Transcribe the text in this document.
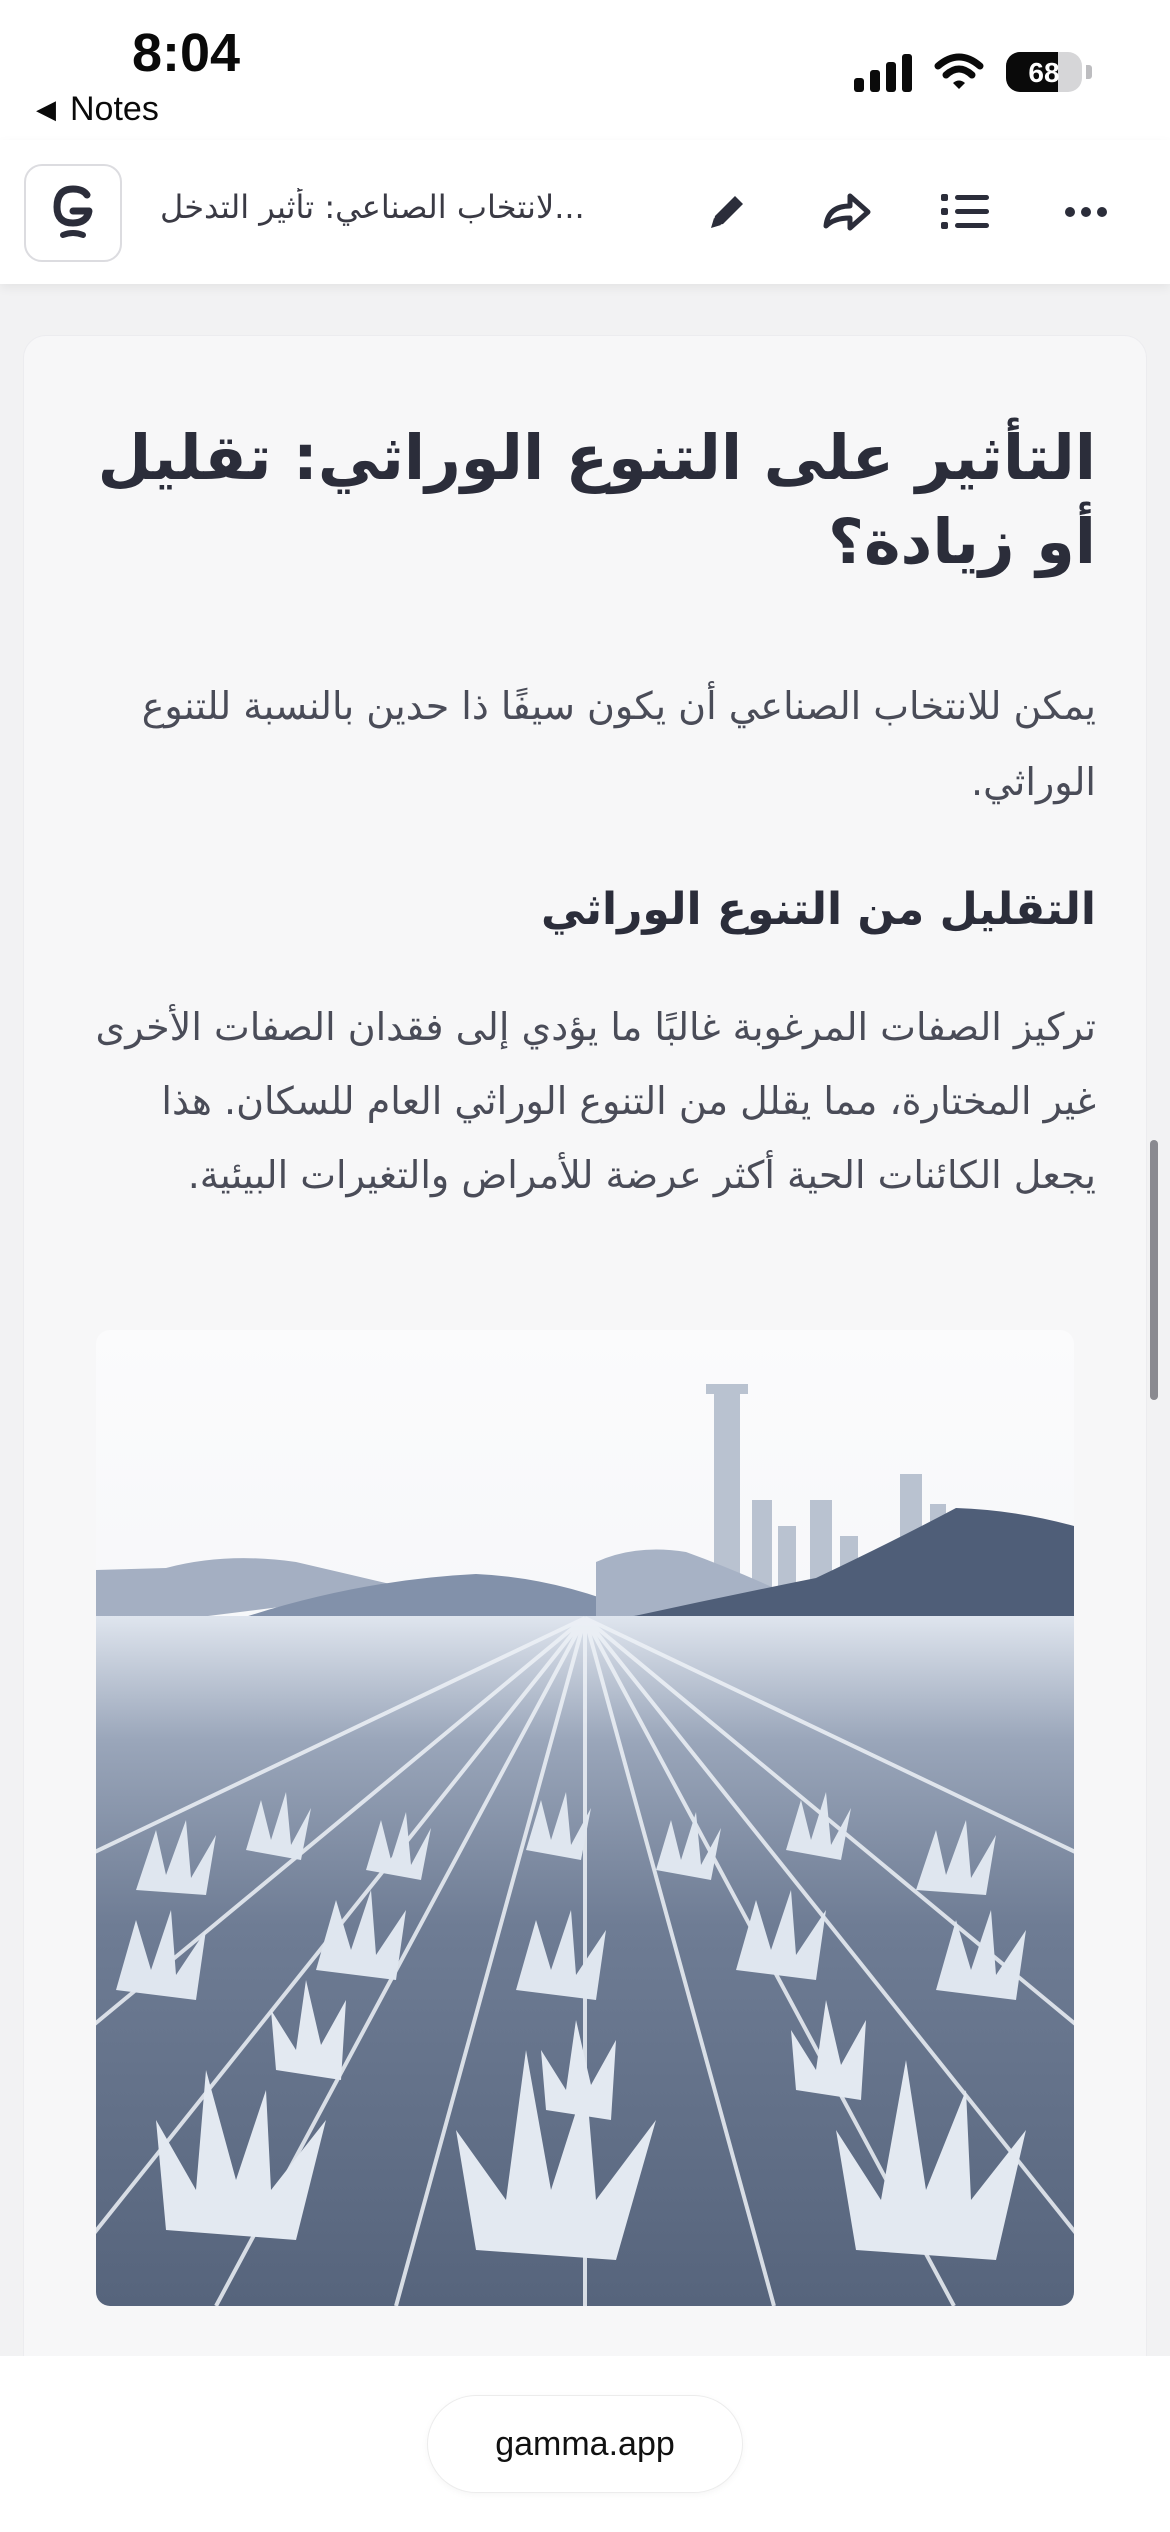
8:04
◀ Notes
68
...لانتخاب الصناعي: تأثير التدخل
التأثير على التنوع الوراثي: تقليل أو زيادة؟
يمكن للانتخاب الصناعي أن يكون سيفًا ذا حدين بالنسبة للتنوع الوراثي.
التقليل من التنوع الوراثي
تركيز الصفات المرغوبة غالبًا ما يؤدي إلى فقدان الصفات الأخرى غير المختارة، مما يقلل من التنوع الوراثي العام للسكان. هذا يجعل الكائنات الحية أكثر عرضة للأمراض والتغيرات البيئية.
gamma.app
